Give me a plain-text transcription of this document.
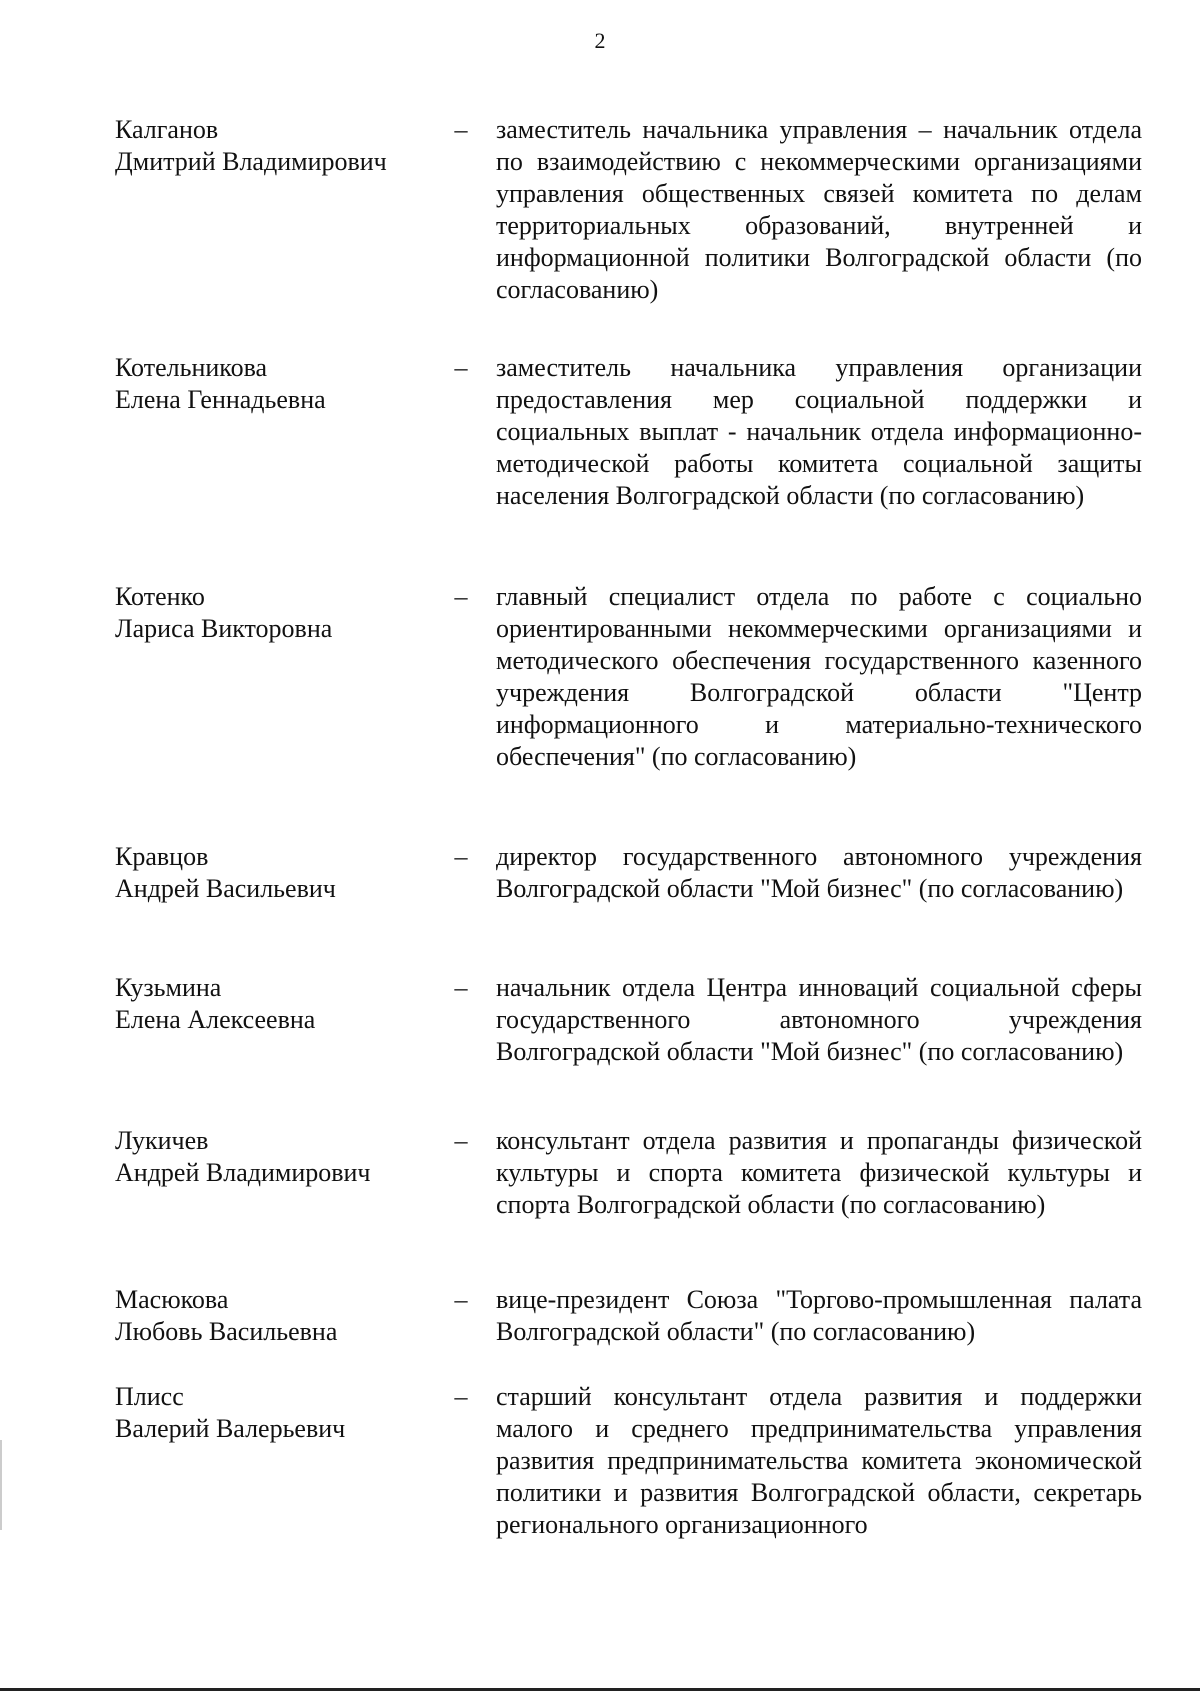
2
Калганов
Дмитрий Владимирович
– заместитель начальника управления – начальник отдела по взаимодействию с некоммерческими организациями управления общественных связей комитета по делам территориальных образований, внутренней и информационной политики Волгоградской области (по согласованию)
Котельникова
Елена Геннадьевна
– заместитель начальника управления организации предоставления мер социальной поддержки и социальных выплат - начальник отдела информационно-методической работы комитета социальной защиты населения Волгоградской области (по согласованию)
Котенко
Лариса Викторовна
– главный специалист отдела по работе с социально ориентированными некоммерческими организациями и методического обеспечения государственного казенного учреждения Волгоградской области "Центр информационного и материально-технического обеспечения" (по согласованию)
Кравцов
Андрей Васильевич
– директор государственного автономного учреждения Волгоградской области "Мой бизнес" (по согласованию)
Кузьмина
Елена Алексеевна
– начальник отдела Центра инноваций социальной сферы государственного автономного учреждения Волгоградской области "Мой бизнес" (по согласованию)
Лукичев
Андрей Владимирович
– консультант отдела развития и пропаганды физической культуры и спорта комитета физической культуры и спорта Волгоградской области (по согласованию)
Масюкова
Любовь Васильевна
– вице-президент Союза "Торгово-промышленная палата Волгоградской области" (по согласованию)
Плисс
Валерий Валерьевич
– старший консультант отдела развития и поддержки малого и среднего предпринимательства управления развития предпринимательства комитета экономической политики и развития Волгоградской области, секретарь регионального организационного
